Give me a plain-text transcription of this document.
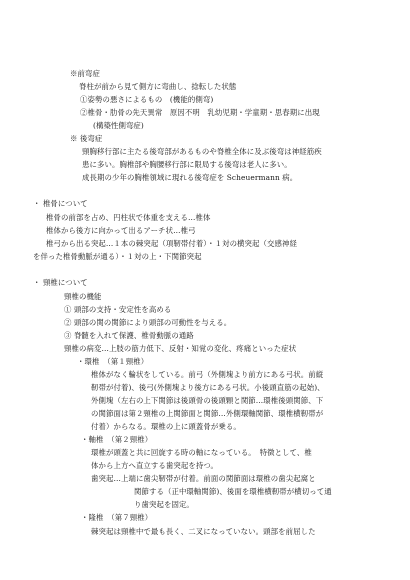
※前弯症
脊柱が前から見て側方に弯曲し、捻転した状態
①姿勢の悪さによるもの　(機能的側弯)
②椎骨・肋骨の先天異常　原因不明　乳幼児期・学童期・思春期に出現
(構築性側弯症)
※ 後弯症
頸胸移行部に主たる後弯部があるものや脊椎全体に及ぶ後弯は神経筋疾
患に多い。胸椎部や胸腰移行部に限局する後弯は老人に多い。
成長期の少年の胸椎領域に現れる後弯症を Scheuermann 病。
・ 椎骨について
椎骨の前部を占め、円柱状で体重を支える…椎体
椎体から後方に向かって出るアーチ状…椎弓
椎弓から出る突起…１本の棘突起（項靭帯付着）・１対の横突起（交感神経
を伴った椎骨動脈が通る）・１対の上・下関節突起
・ 頸椎について
頸椎の機能
① 頭部の支持・安定性を高める
② 頭部の関の関節により頭部の可動性を与える。
③ 脊髄を入れて保護、椎骨動脈の通路
頸椎の病変…上肢の筋力低下、反射・知覚の変化、疼痛といった症状
・環椎　（第１頸椎）
椎体がなく輪状をしている。前弓（外側塊より前方にある弓状。前縦
靭帯が付着)、後弓(外側塊より後方にある弓状。小後頭直筋の起始)、
外側塊（左右の上下関節は後頭骨の後頭顆と関節…環椎後頭関節、下
の関節面は第２頸椎の上関節面と関節…外側環軸関節、環椎横靭帯が
付着）からなる。環椎の上に頭蓋骨が乗る。
・軸椎　（第２頸椎）
環椎が頭蓋と共に回旋する時の軸になっている。　特徴として、椎
体から上方へ直立する歯突起を持つ。
歯突起…上端に歯尖靭帯が付着。前面の関節面は環椎の歯尖起窩と
関節する（正中環軸関節)、後面を環椎横靭帯が横切って通
り歯突起を固定。
・隆椎　（第７頸椎）
棘突起は頸椎中で最も長く、二叉になっていない。頭部を前屈した
